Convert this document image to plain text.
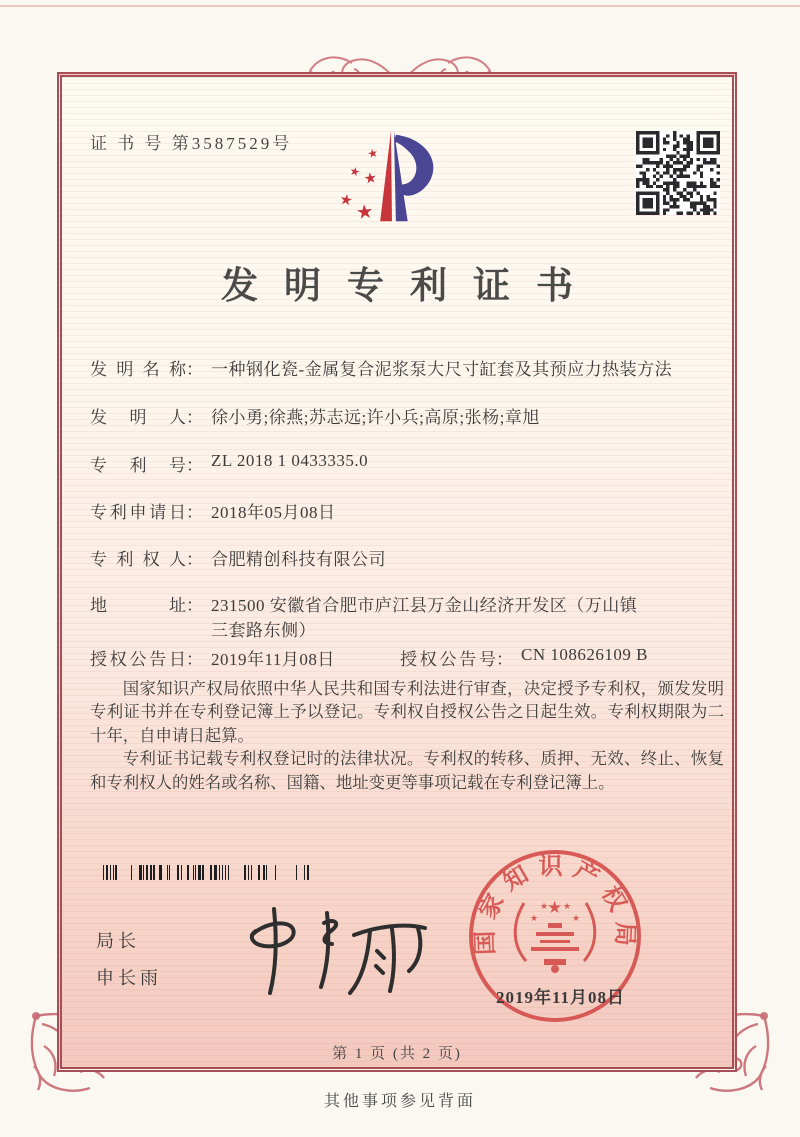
证 书 号 第3587529号
★
★ ★
★ ★
发明专利证书
发明名称： 一种钢化瓷-金属复合泥浆泵大尺寸缸套及其预应力热装方法
发明人： 徐小勇;徐燕;苏志远;许小兵;高原;张杨;章旭
专利号： ZL 2018 1 0433335.0
专利申请日： 2018年05月08日
专利权人： 合肥精创科技有限公司
地址： 231500 安徽省合肥市庐江县万金山经济开发区（万山镇
三套路东侧）
授权公告日： 2019年11月08日	授权公告号： CN 108626109 B

国家知识产权局依照中华人民共和国专利法进行审查，决定授予专利权，颁发发明专利证书并在专利登记簿上予以登记。专利权自授权公告之日起生效。专利权期限为二十年，自申请日起算。

专利证书记载专利权登记时的法律状况。专利权的转移、质押、无效、终止、恢复和专利权人的姓名或名称、国籍、地址变更等事项记载在专利登记簿上。

局长
申长雨
国家知识产权局
★
★
★ ★
★
2019年11月08日
第 1 页 (共 2 页)
其他事项参见背面
